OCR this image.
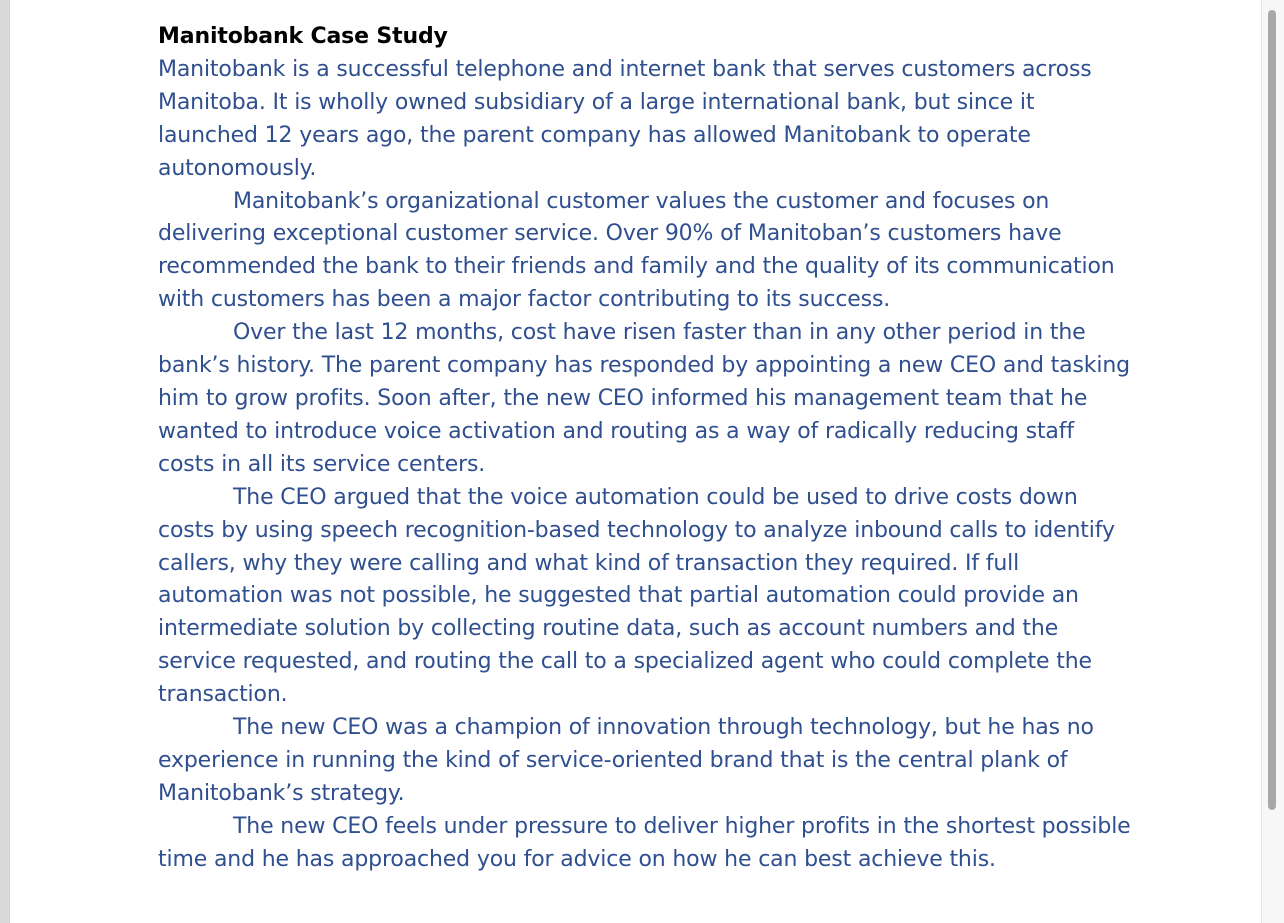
Manitobank Case Study

Manitobank is a successful telephone and internet bank that serves customers across Manitoba. It is wholly owned subsidiary of a large international bank, but since it launched 12 years ago, the parent company has allowed Manitobank to operate autonomously.

Manitobank’s organizational customer values the customer and focuses on delivering exceptional customer service. Over 90% of Manitoban’s customers have recommended the bank to their friends and family and the quality of its communication with customers has been a major factor contributing to its success.

Over the last 12 months, cost have risen faster than in any other period in the bank’s history. The parent company has responded by appointing a new CEO and tasking him to grow profits. Soon after, the new CEO informed his management team that he wanted to introduce voice activation and routing as a way of radically reducing staff costs in all its service centers.

The CEO argued that the voice automation could be used to drive costs down costs by using speech recognition-based technology to analyze inbound calls to identify callers, why they were calling and what kind of transaction they required. If full automation was not possible, he suggested that partial automation could provide an intermediate solution by collecting routine data, such as account numbers and the service requested, and routing the call to a specialized agent who could complete the transaction.

The new CEO was a champion of innovation through technology, but he has no experience in running the kind of service-oriented brand that is the central plank of Manitobank’s strategy.

The new CEO feels under pressure to deliver higher profits in the shortest possible time and he has approached you for advice on how he can best achieve this.
